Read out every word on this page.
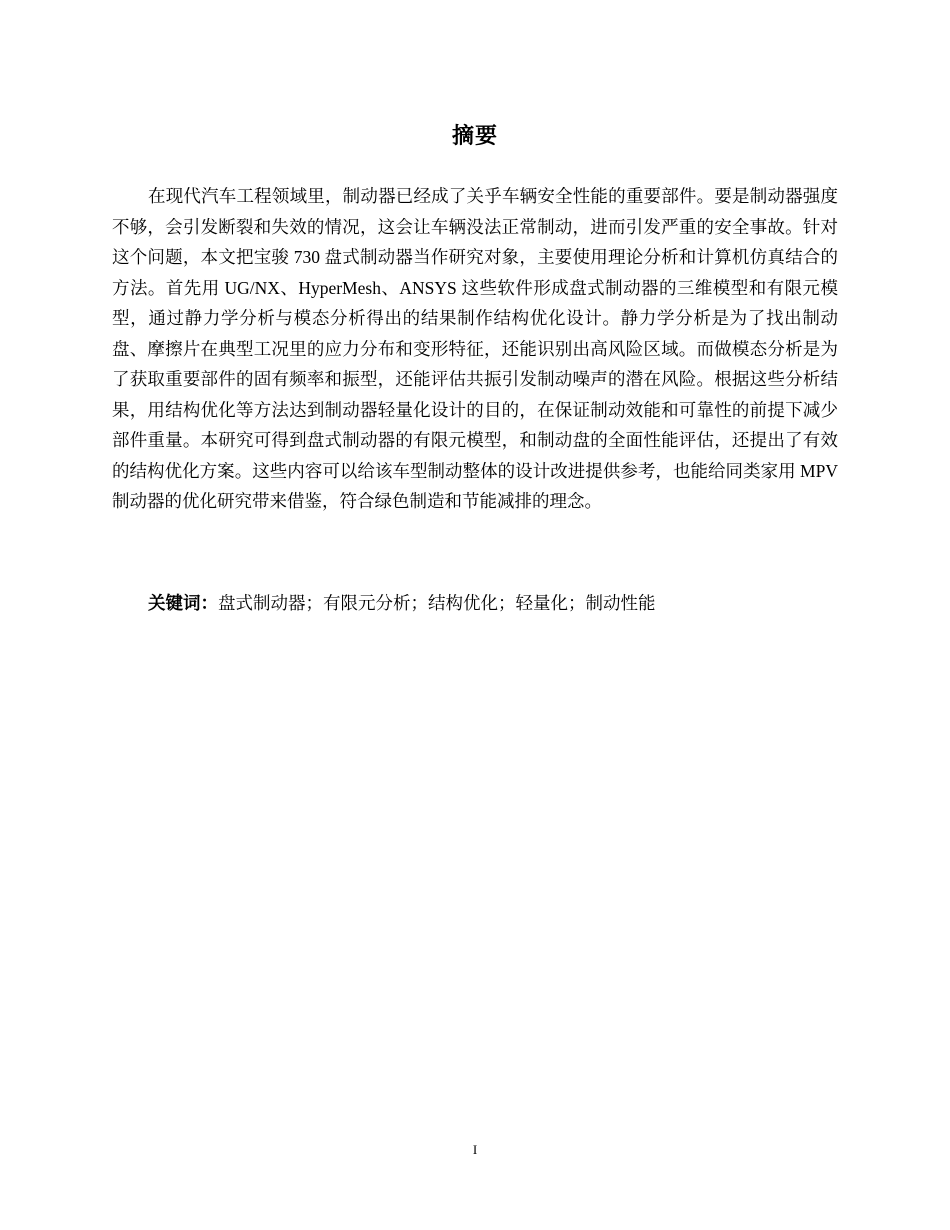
摘要

在现代汽车工程领域里，制动器已经成了关乎车辆安全性能的重要部件。要是制动器强度不够，会引发断裂和失效的情况，这会让车辆没法正常制动，进而引发严重的安全事故。针对这个问题，本文把宝骏 730 盘式制动器当作研究对象，主要使用理论分析和计算机仿真结合的方法。首先用 UG/NX、HyperMesh、ANSYS 这些软件形成盘式制动器的三维模型和有限元模型，通过静力学分析与模态分析得出的结果制作结构优化设计。静力学分析是为了找出制动盘、摩擦片在典型工况里的应力分布和变形特征，还能识别出高风险区域。而做模态分析是为了获取重要部件的固有频率和振型，还能评估共振引发制动噪声的潜在风险。根据这些分析结果，用结构优化等方法达到制动器轻量化设计的目的，在保证制动效能和可靠性的前提下减少部件重量。本研究可得到盘式制动器的有限元模型，和制动盘的全面性能评估，还提出了有效的结构优化方案。这些内容可以给该车型制动整体的设计改进提供参考，也能给同类家用 MPV 制动器的优化研究带来借鉴，符合绿色制造和节能减排的理念。

关键词：盘式制动器；有限元分析；结构优化；轻量化；制动性能
I
